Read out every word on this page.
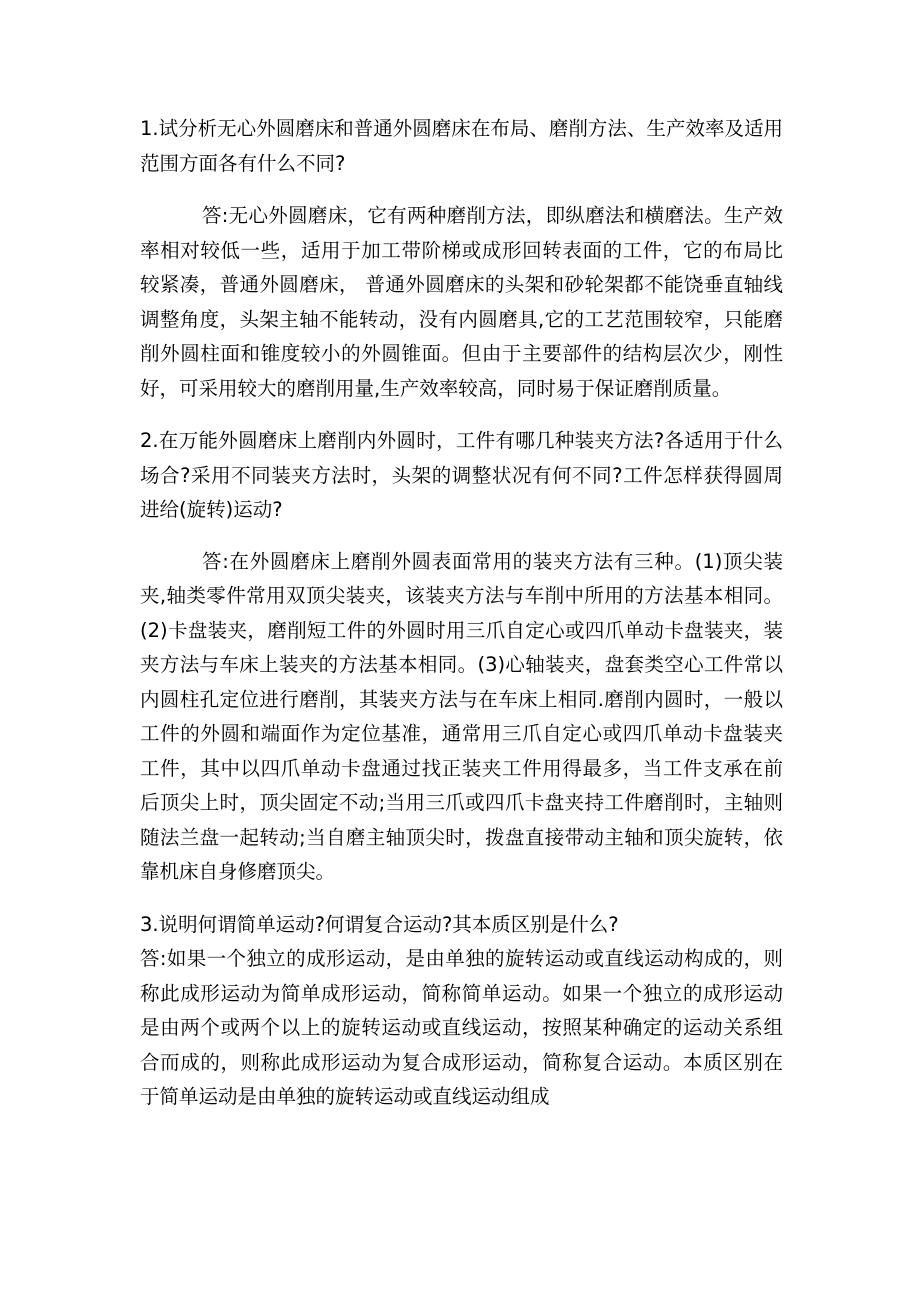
1.试分析无心外圆磨床和普通外圆磨床在布局、磨削方法、生产效率及适用范围方面各有什么不同?

答:无心外圆磨床，它有两种磨削方法，即纵磨法和横磨法。生产效率相对较低一些，适用于加工带阶梯或成形回转表面的工件，它的布局比较紧凑，普通外圆磨床， 普通外圆磨床的头架和砂轮架都不能饶垂直轴线调整角度，头架主轴不能转动，没有内圆磨具,它的工艺范围较窄，只能磨削外圆柱面和锥度较小的外圆锥面。但由于主要部件的结构层次少，刚性好，可采用较大的磨削用量,生产效率较高，同时易于保证磨削质量。

2.在万能外圆磨床上磨削内外圆时，工件有哪几种装夹方法?各适用于什么场合?采用不同装夹方法时，头架的调整状况有何不同?工件怎样获得圆周进给(旋转)运动?

答:在外圆磨床上磨削外圆表面常用的装夹方法有三种。(1)顶尖装夹,轴类零件常用双顶尖装夹，该装夹方法与车削中所用的方法基本相同。(2)卡盘装夹，磨削短工件的外圆时用三爪自定心或四爪单动卡盘装夹，装夹方法与车床上装夹的方法基本相同。(3)心轴装夹，盘套类空心工件常以内圆柱孔定位进行磨削，其装夹方法与在车床上相同.磨削内圆时，一般以工件的外圆和端面作为定位基准，通常用三爪自定心或四爪单动卡盘装夹工件，其中以四爪单动卡盘通过找正装夹工件用得最多，当工件支承在前后顶尖上时，顶尖固定不动;当用三爪或四爪卡盘夹持工件磨削时，主轴则随法兰盘一起转动;当自磨主轴顶尖时，拨盘直接带动主轴和顶尖旋转，依靠机床自身修磨顶尖。

3.说明何谓简单运动?何谓复合运动?其本质区别是什么?

答:如果一个独立的成形运动，是由单独的旋转运动或直线运动构成的，则称此成形运动为简单成形运动，简称简单运动。如果一个独立的成形运动是由两个或两个以上的旋转运动或直线运动，按照某种确定的运动关系组合而成的，则称此成形运动为复合成形运动，简称复合运动。本质区别在于简单运动是由单独的旋转运动或直线运动组成
